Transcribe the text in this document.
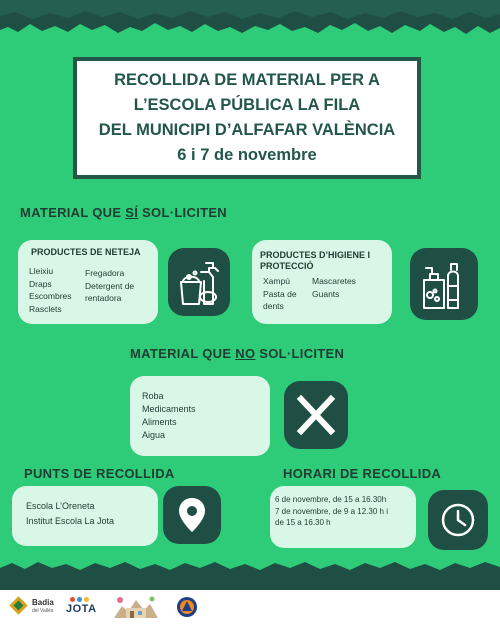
RECOLLIDA DE MATERIAL PER A
L’ESCOLA PÚBLICA LA FILA
DEL MUNICIPI D’ALFAFAR VALÈNCIA
6 i 7 de novembre
MATERIAL QUE SÍ SOL·LICITEN
PRODUCTES DE NETEJA
Lleixiu
Draps
Escombres
Rasclets
Fregadora
Detergent de
rentadora
PRODUCTES D’HIGIENE I
PROTECCIÓ
Xampú
Pasta de
dents
Mascaretes
Guants
MATERIAL QUE NO SOL·LICITEN
Roba
Medicaments
Aliments
Aigua
PUNTS DE RECOLLIDA
Escola L’Oreneta
Institut Escola La Jota
HORARI DE RECOLLIDA
6 de novembre, de 15 a 16.30h
7 de novembre, de 9 a 12.30 h i
de 15 a 16.30 h
Badia
del Vallès JOTA
